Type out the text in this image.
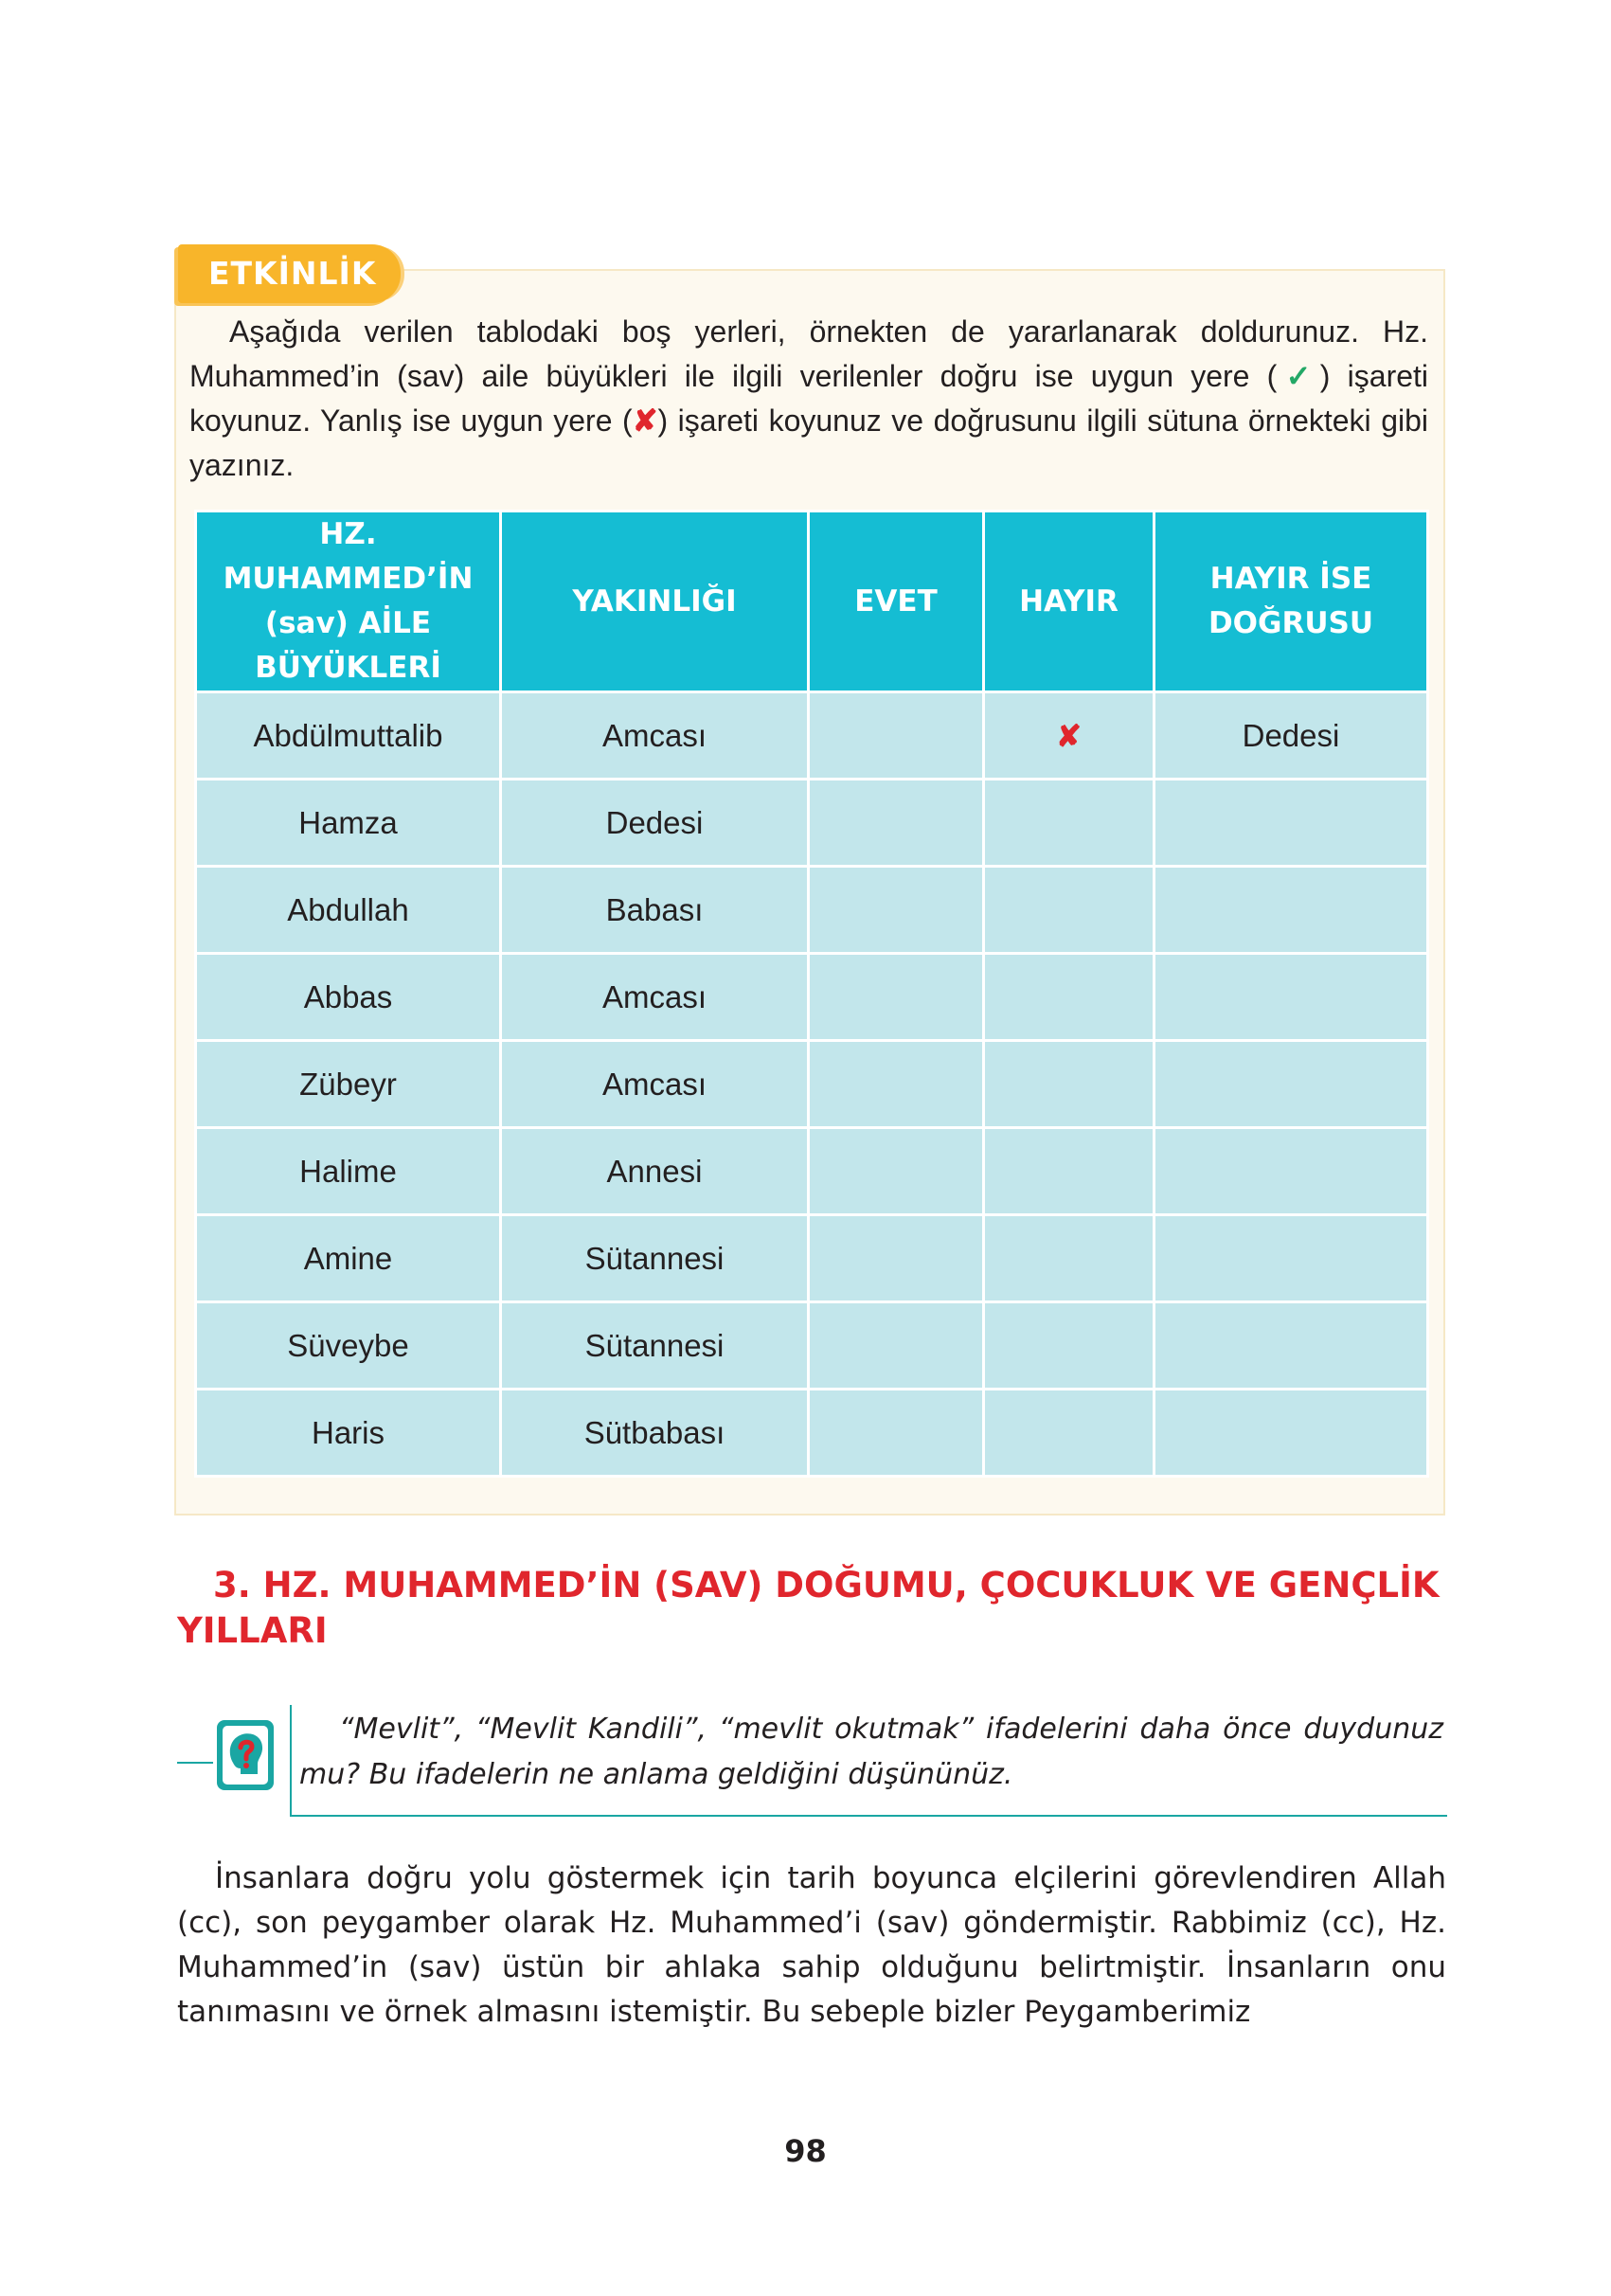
ETKİNLİK

Aşağıda verilen tablodaki boş yerleri, örnekten de yararlanarak doldurunuz. Hz. Muhammed’in (sav) aile büyükleri ile ilgili verilenler doğru ise uygun yere (✓) işareti koyunuz. Yanlış ise uygun yere (✘) işareti koyunuz ve doğrusunu ilgili sütuna örnekteki gibi yazınız.

HZ. MUHAMMED’İN (sav) AİLE BÜYÜKLERİ	YAKINLIĞI	EVET	HAYIR	HAYIR İSE DOĞRUSU
Abdülmuttalib	Amcası		✘	Dedesi
Hamza	Dedesi			
Abdullah	Babası			
Abbas	Amcası			
Zübeyr	Amcası			
Halime	Annesi			
Amine	Sütannesi			
Süveybe	Sütannesi			
Haris	Sütbabası			
3. HZ. MUHAMMED’İN (SAV) DOĞUMU, ÇOCUKLUK VE GENÇLİK YILLARI

“Mevlit”, “Mevlit Kandili”, “mevlit okutmak” ifadelerini daha önce duydunuz mu? Bu ifadelerin ne anlama geldiğini düşününüz.

İnsanlara doğru yolu göstermek için tarih boyunca elçilerini görevlendiren Allah (cc), son peygamber olarak Hz. Muhammed’i (sav) göndermiştir. Rabbimiz (cc), Hz. Muhammed’in (sav) üstün bir ahlaka sahip olduğunu belirtmiştir. İnsanların onu tanımasını ve örnek almasını istemiştir. Bu sebeple bizler Peygamberimiz

98
